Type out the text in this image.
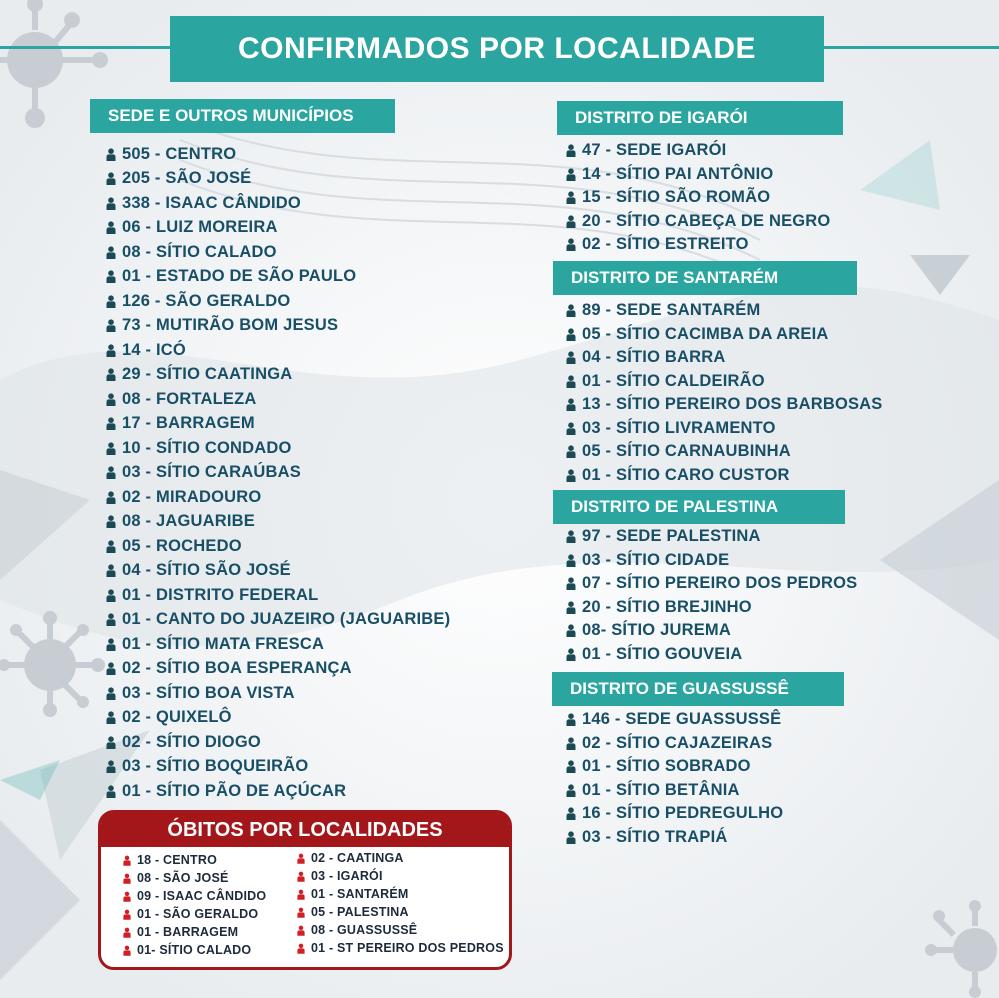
CONFIRMADOS POR LOCALIDADE
SEDE E OUTROS MUNICÍPIOS	DISTRITO DE IGARÓI
DISTRITO DE SANTARÉM
DISTRITO DE PALESTINA
DISTRITO DE GUASSUSSÊ
505 - CENTRO
205 - SÃO JOSÉ
338 - ISAAC CÂNDIDO
06 - LUIZ MOREIRA
08 - SÍTIO CALADO
01 - ESTADO DE SÃO PAULO
126 - SÃO GERALDO
73 - MUTIRÃO BOM JESUS
14 - ICÓ
29 - SÍTIO CAATINGA
08 - FORTALEZA
17 - BARRAGEM
10 - SÍTIO CONDADO
03 - SÍTIO CARAÚBAS
02 - MIRADOURO
08 - JAGUARIBE
05 - ROCHEDO
04 - SÍTIO SÃO JOSÉ
01 - DISTRITO FEDERAL
01 - CANTO DO JUAZEIRO (JAGUARIBE)
01 - SÍTIO MATA FRESCA
02 - SÍTIO BOA ESPERANÇA
03 - SÍTIO BOA VISTA
02 - QUIXELÔ
02 - SÍTIO DIOGO
03 - SÍTIO BOQUEIRÃO
01 - SÍTIO PÃO DE AÇÚCAR
47 - SEDE IGARÓI
14 - SÍTIO PAI ANTÔNIO
15 - SÍTIO SÃO ROMÃO
20 - SÍTIO CABEÇA DE NEGRO
02 - SÍTIO ESTREITO
89 - SEDE SANTARÉM
05 - SÍTIO CACIMBA DA AREIA
04 - SÍTIO BARRA
01 - SÍTIO CALDEIRÃO
13 - SÍTIO PEREIRO DOS BARBOSAS
03 - SÍTIO LIVRAMENTO
05 - SÍTIO CARNAUBINHA
01 - SÍTIO CARO CUSTOR
97 - SEDE PALESTINA
03 - SÍTIO CIDADE
07 - SÍTIO PEREIRO DOS PEDROS
20 - SÍTIO BREJINHO
08- SÍTIO JUREMA
01 - SÍTIO GOUVEIA
146 - SEDE GUASSUSSÊ
02 - SÍTIO CAJAZEIRAS
01 - SÍTIO SOBRADO
01 - SÍTIO BETÂNIA
16 - SÍTIO PEDREGULHO
03 - SÍTIO TRAPIÁ
ÓBITOS POR LOCALIDADES
18 - CENTRO
08 - SÃO JOSÉ
09 - ISAAC CÂNDIDO
01 - SÃO GERALDO
01 - BARRAGEM
01- SÍTIO CALADO
02 - CAATINGA
03 - IGARÓI
01 - SANTARÉM
05 - PALESTINA
08 - GUASSUSSÊ
01 - ST PEREIRO DOS PEDROS
